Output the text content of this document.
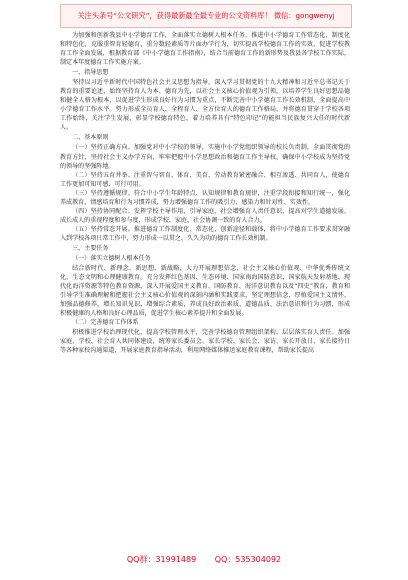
关注头条号“公文研究”，获得最新最全最专业的公文资料库！ 微信：gongwenyj

为加强和创新我县中小学德育工作，全面落实立德树人根本任务，推进中小学德育工作常态化、制度化和特色化，克服重智育轻德育、重分数轻素质等片面办学行为，切实提高学校德育工作的实效，促进学校教育工作全面发展，根据教育部《中小学德育工作指南》，结合当前德育工作的新形势及我县各学校工作实际，制定本年度德育工作实施方案。

一、指导思想

坚持以习近平新时代中国特色社会主义思想为指导，深入学习贯彻党的十九大精神和习近平总书记关于教育的重要论述，始终坚持育人为本、德育为先，以社会主义核心价值观为引领，以培养学生良好思想品德和健全人格为根本，以促进学生形成良好行为习惯为重点，不断完善中小学德育工作长效机制，全面提高中小学德育工作水平。努力形成全员育人、全程育人、全方位育人的德育工作格局，并将德育贯穿于学校各项工作始终，关注学生发展，彰显学校德育特色，着力培养具有“特色印记”的能担当民族复兴大任的时代新人。

二、基本原则

（一）坚持正确方向。加强党对中小学校的领导，实施中小学党组织领导的校长负责制，全面贯彻党的教育方针，坚持社会主义办学方向，牢牢把握中小学思想政治和德育工作主导权，确保中小学校成为坚持党的领导的坚强阵地。

（二）坚持五育并举。注重智与智育、体育、美育、劳动教育紧密融合、相互渗透、共同育人，使德育工作更加可知可感、可行可用。

（三）坚持遵循规律。符合中小学生年龄特点、认知规律和教育规律，注重学段衔接和知行统一，强化养成教育、情感培育和行为习惯养成，努力增强德育工作的吸引力、感染力和针对性、实效性。

（四）坚持协同配合。发挥学校主导作用，引导家庭、社会增强育人责任意识，提高对学生道德发展、成长成人的重视程度和参与度，形成学校、家庭、社会协调一致的育人合力。

（五）坚持常态开展。推进德育工作制度化、常态化，创新途径和载体，将中小学德育工作要求贯穿融入到学校各项日常工作中，努力形成一以贯之、久久为功的德育工作长效机制。

三、主要任务

（一）落实立德树人根本任务

结合新时代、新理念、新思想、新战略，大力开展理想信念、社会主义核心价值观、中华优秀传统文化、生态文明和心理健康教育。充分发挥红色基因、生态环境、国家南海国防意识、国家航天发射基地、现代化海洋资源等特色教育资源，深入开展爱国主义教育、国防教育、海洋意识教育以及“四史”教育，教育和引导学生准确理解和把握社会主义核心价值观的深刻内涵和实践要求，坚定理想信念，厚植爱国主义情怀，加强品德修养，增长知识见识，增强综合素质，养成良好政治素质、道德品质、法治意识和行为习惯，形成积极健康的人格和良好心理品质，促进学生核心素养提升和全面发展。

（二）完善德育工作体系

积极推进学校治理现代化，提高学校管理水平，完善学校德育管理组织架构，层层落实育人责任。加强家庭、学校、社会育人共同体建设，统筹家长委员会、家长学校、家长会、家访、家长开放日、家长接待日等各种家校沟通渠道，开展家庭教育指导活动，利用网络媒体推送家庭教育课程，帮助家长提高

QQ群：31991489 QQ：535304092
